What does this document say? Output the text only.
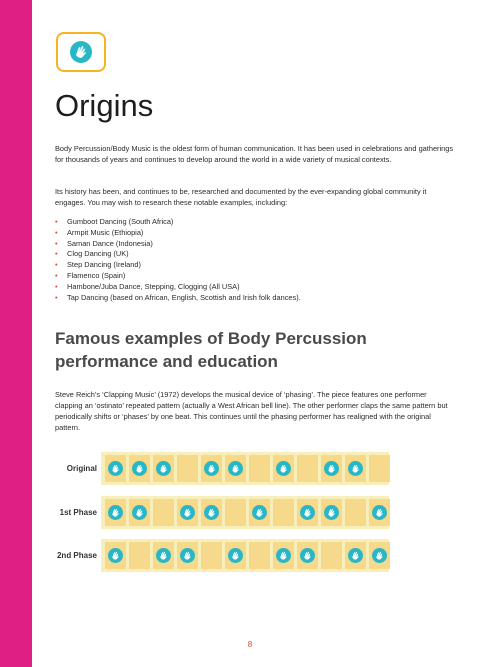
Origins

Body Percussion/Body Music is the oldest form of human communication. It has been used in celebrations and gatherings for thousands of years and continues to develop around the world in a wide variety of musical contexts.

Its history has been, and continues to be, researched and documented by the ever-expanding global community it engages. You may wish to research these notable examples, including:

• Gumboot Dancing (South Africa)
• Armpit Music (Ethiopia)
• Saman Dance (Indonesia)
• Clog Dancing (UK)
• Step Dancing (Ireland)
• Flamenco (Spain)
• Hambone/Juba Dance, Stepping, Clogging (All USA)
• Tap Dancing (based on African, English, Scottish and Irish folk dances).
Famous examples of Body Percussion performance and education

Steve Reich’s ‘Clapping Music’ (1972) develops the musical device of ‘phasing’. The piece features one performer clapping an ‘ostinato’ repeated pattern (actually a West African bell line). The other performer claps the same pattern but periodically shifts or ‘phases’ by one beat. This continues until the phasing performer has realigned with the original pattern.

Original
1st Phase
2nd Phase
8
